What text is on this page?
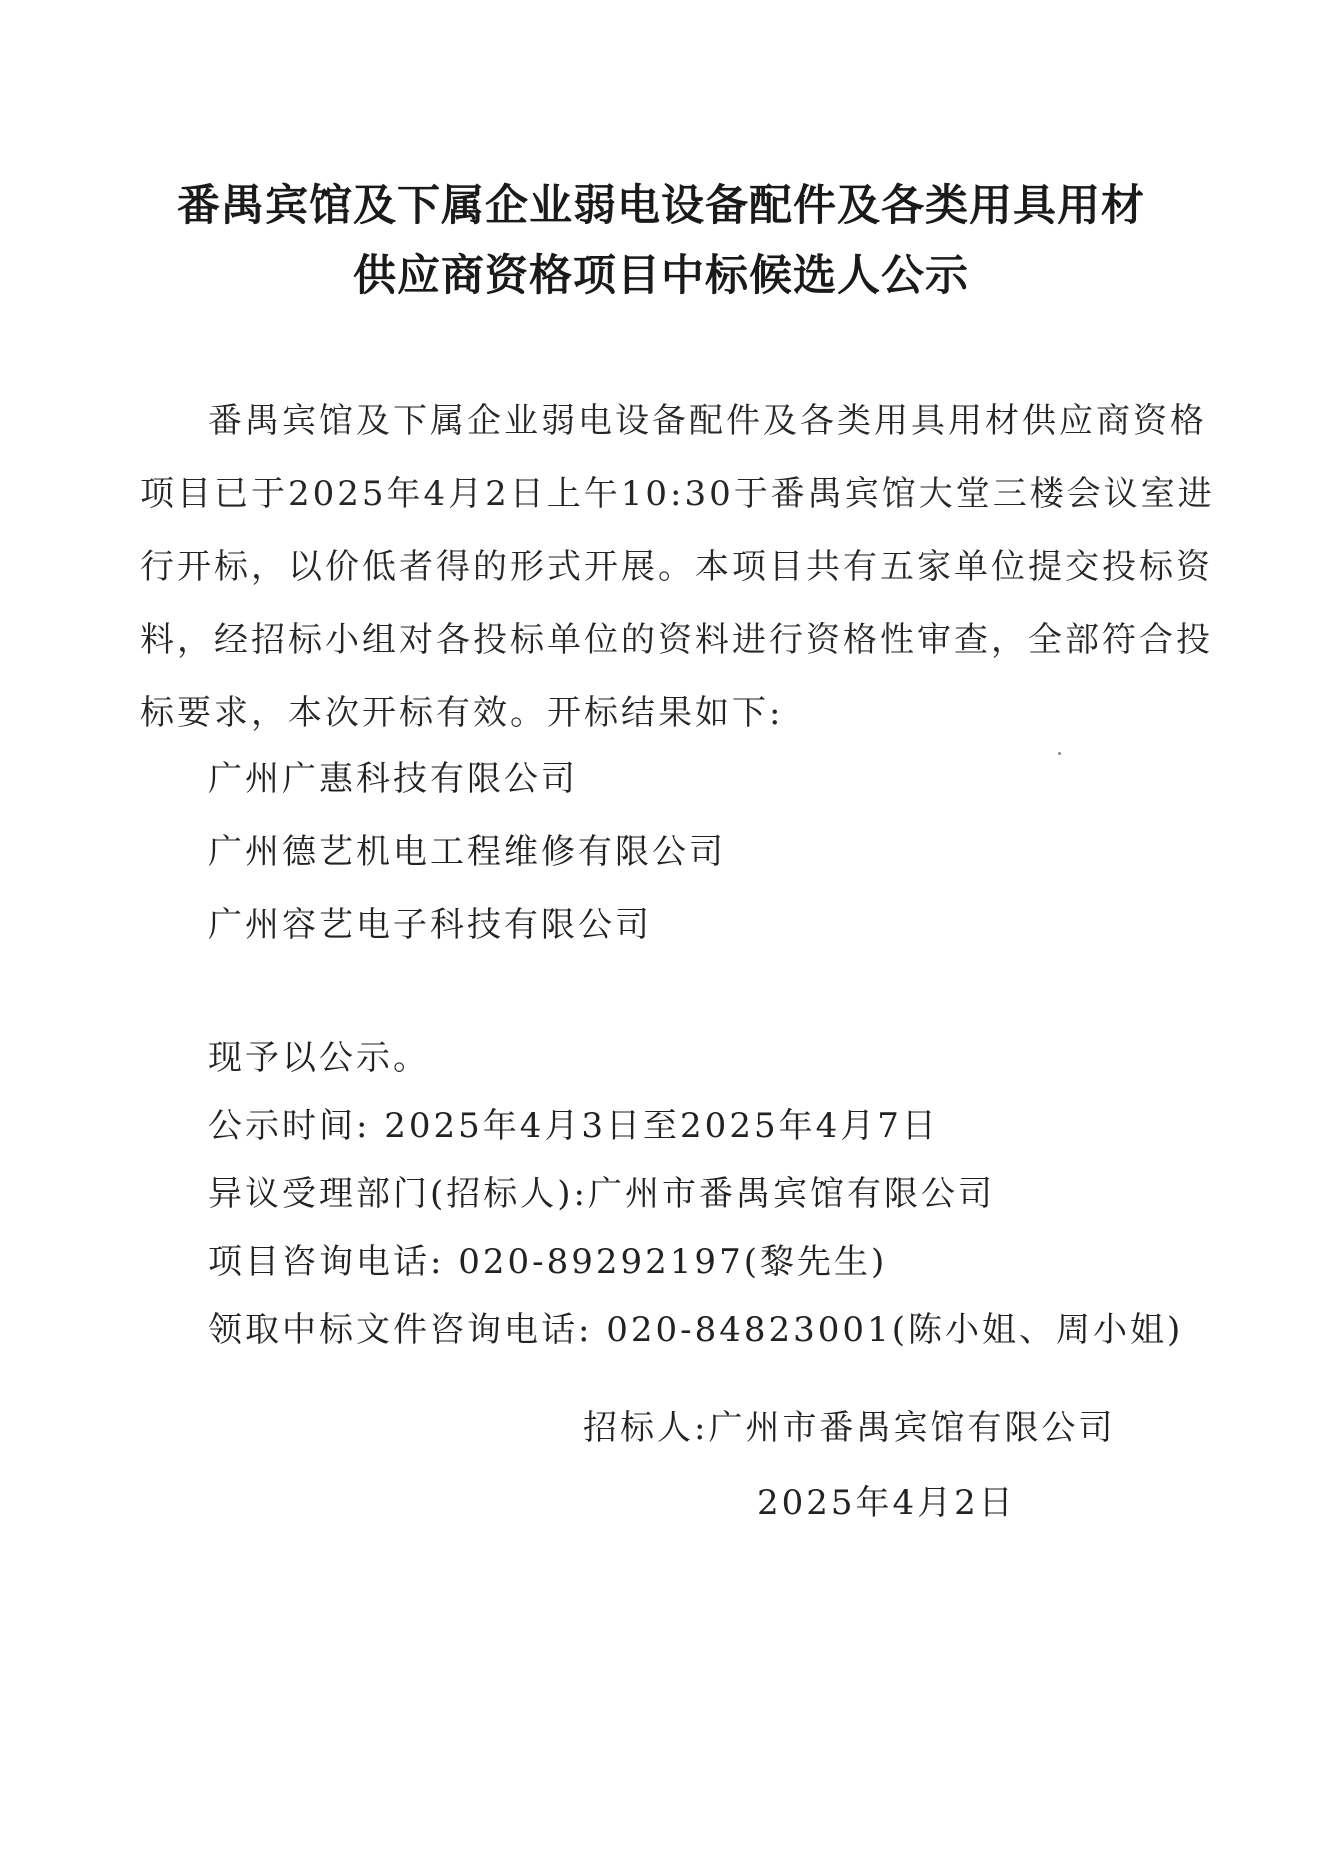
番禺宾馆及下属企业弱电设备配件及各类用具用材
供应商资格项目中标候选人公示
番禺宾馆及下属企业弱电设备配件及各类用具用材供应商资格
项目已于2025年4月2日上午10:30于番禺宾馆大堂三楼会议室进
行开标，以价低者得的形式开展。本项目共有五家单位提交投标资
料，经招标小组对各投标单位的资料进行资格性审查，全部符合投
标要求，本次开标有效。开标结果如下:
广州广惠科技有限公司
广州德艺机电工程维修有限公司
广州容艺电子科技有限公司
现予以公示。
公示时间: 2025年4月3日至2025年4月7日
异议受理部门(招标人):广州市番禺宾馆有限公司
项目咨询电话: 020-89292197(黎先生)
领取中标文件咨询电话: 020-84823001(陈小姐、周小姐)
招标人:广州市番禺宾馆有限公司
2025年4月2日
